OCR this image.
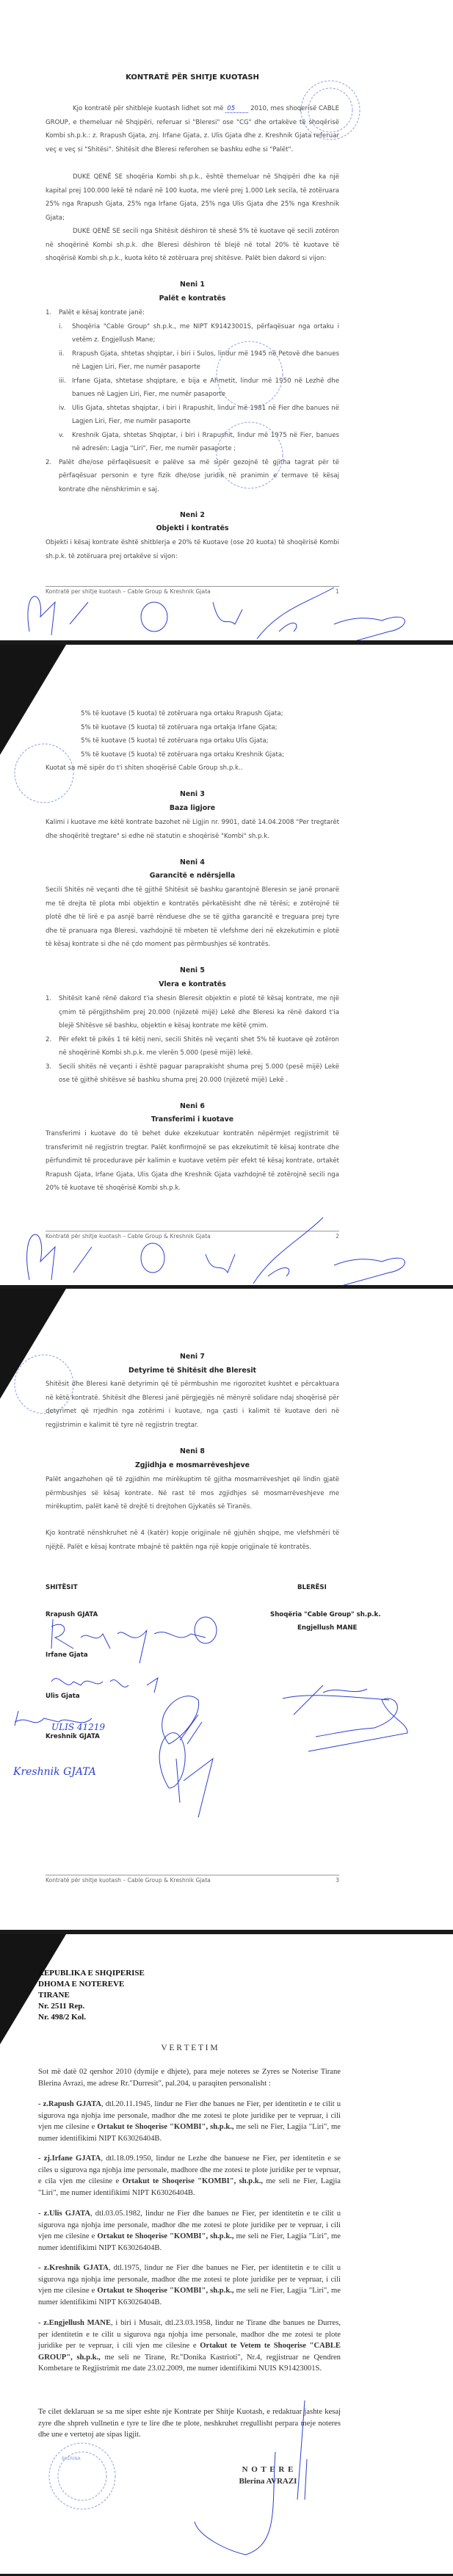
KONTRATË PËR SHITJE KUOTASH
Kjo kontratë për shitbleje kuotash lidhet sot më 05 2010, mes shoqerisë CABLE GROUP, e themeluar në Shqipëri, referuar si "Bleresi" ose "CG" dhe ortakëve të shoqërisë Kombi sh.p.k.: z. Rrapush Gjata, znj. Irfane Gjata, z. Ulis Gjata dhe z. Kreshnik Gjata referuar veç e veç si "Shitësi". Shitësit dhe Bleresi referohen se bashku edhe si "Palët".
DUKE QENË SE shoqëria Kombi sh.p.k., është themeluar në Shqipëri dhe ka një kapital prej 100.000 lekë të ndarë në 100 kuota, me vlerë prej 1.000 Lek secila, të zotëruara 25% nga Rrapush Gjata, 25% nga Irfane Gjata, 25% nga Ulis Gjata dhe 25% nga Kreshnik Gjata;
DUKE QENË SE secili nga Shitësit dëshiron të shesë 5% të kuotave që secili zotëron në shoqërinë Kombi sh.p.k. dhe Bleresi dëshiron të blejë në total 20% të kuotave të shoqërisë Kombi sh.p.k., kuota këto të zotëruara prej shitësve. Palët bien dakord si vijon:
Neni 1
Palët e kontratës
1.	Palët e kësaj kontrate janë:
i.	Shoqëria "Cable Group" sh.p.k., me NIPT K91423001S, përfaqësuar nga ortaku i vetëm z. Engjellush Mane;
ii.	Rrapush Gjata, shtetas shqiptar, i biri i Sulos, lindur më 1945 në Petovë dhe banues në Lagjen Liri, Fier, me numër pasaporte
iii. Irfane Gjata, shtetase shqiptare, e bija e Ahmetit, lindur më 1950 në Lezhë dhe banues në Lagjen Liri, Fier, me numër pasaporte
iv. Ulis Gjata, shtetas shqiptar, i biri i Rrapushit, lindur më 1981 në Fier dhe banues në Lagjen Liri, Fier, me numër pasaporte
v.	Kreshnik Gjata, shtetas Shqiptar, i biri i Rrapushit, lindur më 1975 në Fier, banues në adresën: Lagja "Liri", Fier, me numër pasaporte ;
2.	Palët dhe/ose përfaqësuesit e palëve sa më sipër gezojnë të gjitha tagrat për të përfaqësuar personin e tyre fizik dhe/ose juridik në pranimin e termave të kësaj kontrate dhe nënshkrimin e saj.
Neni 2
Objekti i kontratës
Objekti i kësaj kontrate është shitblerja e 20% të Kuotave (ose 20 kuota) të shoqërisë Kombi sh.p.k. të zotëruara prej ortakëve si vijon:
Kontratë per shitje kuotash – Cable Group & Kreshnik Gjata	1
5% të kuotave (5 kuota) të zotëruara nga ortaku Rrapush Gjata;
5% të kuotave (5 kuota) të zotëruara nga ortakja Irfane Gjata;
5% të kuotave (5 kuota) të zotëruara nga ortaku Ulis Gjata;
5% të kuotave (5 kuota) të zotëruara nga ortaku Kreshnik Gjata;
Kuotat sa më sipër do t'i shiten shoqërisë Cable Group sh.p.k..
Neni 3
Baza ligjore
Kalimi i kuotave me këtë kontrate bazohet në Ligjin nr. 9901, datë 14.04.2008 "Per tregtarët dhe shoqëritë tregtare" si edhe në statutin e shoqërisë "Kombi" sh.p.k.
Neni 4
Garancitë e ndërsjella
Secili Shitës në veçanti dhe të gjithë Shitësit së bashku garantojnë Bleresin se janë pronarë me të drejta të plota mbi objektin e kontratës përkatësisht dhe në tërësi; e zotërojnë të plotë dhe të lirë e pa asnjë barrë rënduese dhe se të gjitha garancitë e treguara prej tyre dhe të pranuara nga Bleresi, vazhdojnë të mbeten të vlefshme deri në ekzekutimin e plotë të kësaj kontrate si dhe në çdo moment pas përmbushjes së kontratës.
Neni 5
Vlera e kontratës
1.	Shitësit kanë rënë dakord t'ia shesin Bleresit objektin e plotë të kësaj kontrate, me një çmim të përgjithshëm prej 20.000 (njëzetë mijë) Lekë dhe Bleresi ka rënë dakord t'ia blejë Shitësve së bashku, objektin e kësaj kontrate me këtë çmim.
2.	Për efekt të pikës 1 të këtij neni, secili Shitës në veçanti shet 5% të kuotave që zotëron në shoqërinë Kombi sh.p.k. me vlerën 5.000 (pesë mijë) lekë.
3.	Secili shitës në veçanti i është paguar paraprakisht shuma prej 5.000 (pesë mijë) Lekë ose të gjithë shitësve së bashku shuma prej 20.000 (njëzetë mijë) Lekë .
Neni 6
Transferimi i kuotave
Transferimi i kuotave do të behet duke ekzekutuar kontratën nëpërmjet regjistrimit të transferimit në regjistrin tregtar. Palët konfirmojnë se pas ekzekutimit të kësaj kontrate dhe përfundimit të procedurave për kalimin e kuotave vetëm për efekt të kësaj kontrate, ortakët Rrapush Gjata, Irfane Gjata, Ulis Gjata dhe Kreshnik Gjata vazhdojnë të zotërojnë secili nga 20% të kuotave të shoqërisë Kombi sh.p.k.
Kontratë për shitje kuotash – Cable Group & Kreshnik Gjata	2
Neni 7
Detyrime të Shitësit dhe Bleresit
Shitësit dhe Bleresi kanë detyrimin që të përmbushin me rigorozitet kushtet e përcaktuara në këtë kontratë. Shitësit dhe Bleresi janë përgjegjës në mënyrë solidare ndaj shoqërisë për detyrimet që rrjedhin nga zotërimi i kuotave, nga çasti i kalimit të kuotave deri në regjistrimin e kalimit të tyre në regjistrin tregtar.
Neni 8
Zgjidhja e mosmarrëveshjeve
Palët angazhohen që të zgjidhin me mirëkuptim të gjitha mosmarrëveshjet që lindin gjatë përmbushjes së kësaj kontrate. Në rast të mos zgjidhjes së mosmarrëveshjeve me mirëkuptim, palët kanë të drejtë ti drejtohen Gjykatës së Tiranës.
Kjo kontratë nënshkruhet në 4 (katër) kopje origjinale në gjuhën shqipe, me vlefshmëri të njëjtë. Palët e kësaj kontrate mbajnë të paktën nga një kopje origjinale të kontratës.
SHITËSIT	BLERËSI
Rrapush GJATA
Irfane Gjata
Ulis Gjata
Kreshnik GJATA
Shoqëria "Cable Group" sh.p.k.
Engjellush MANE
ULIS 41219
Kreshnik GJATA
Kontratë për shitje kuotash – Cable Group & Kreshnik Gjata	3
REPUBLIKA E SHQIPERISE
DHOMA E NOTEREVE
TIRANE
Nr. 2511 Rep.
Nr. 498/2 Kol.
V E R T E T I M
Sot më datë 02 qershor 2010 (dymije e dhjete), para meje noteres se Zyres se Noterise Tirane Blerina Avrazi, me adrese Rr."Durresit", pal.204, u paraqiten personalisht :
- z.Rapush GJATA, dtl.20.11.1945, lindur ne Fier dhe banues ne Fier, per identitetin e te cilit u sigurova nga njohja ime personale, madhor dhe me zotesi te plote juridike per te vepruar, i cili vjen me cilesine e Ortakut te Shoqerise "KOMBI", sh.p.k., me seli ne Fier, Lagjia "Liri", me numer identifikimi NIPT K63026404B.
- zj.Irfane GJATA, dtl.18.09.1950, lindur ne Lezhe dhe banuese ne Fier, per identitetin e se ciles u sigurova nga njohja ime personale, madhore dhe me zotesi te plote juridike per te vepruar, e cila vjen me cilesine e Ortakut te Shoqerise "KOMBI", sh.p.k., me seli ne Fier, Lagjia "Liri", me numer identifikimi NIPT K63026404B.
- z.Ulis GJATA, dtl.03.05.1982, lindur ne Fier dhe banues ne Fier, per identitetin e te cilit u sigurova nga njohja ime personale, madhor dhe me zotesi te plote juridike per te vepruar, i cili vjen me cilesine e Ortakut te Shoqerise "KOMBI", sh.p.k., me seli ne Fier, Lagjia "Liri", me numer identifikimi NIPT K63026404B.
- z.Kreshnik GJATA, dtl.1975, lindur ne Fier dhe banues ne Fier, per identitetin e te cilit u sigurova nga njohja ime personale, madhor dhe me zotesi te plote juridike per te vepruar, i cili vjen me cilesine e Ortakut te Shoqerise "KOMBI", sh.p.k., me seli ne Fier, Lagjia "Liri", me numer identifikimi NIPT K63026404B.
- z.Engjellush MANE, i biri i Musait, dtl.23.03.1958, lindur ne Tirane dhe banues ne Durres, per identitetin e te cilit u sigurova nga njohja ime personale, madhor dhe me zotesi te plote juridike per te vepruar, i cili vjen me cilesine e Ortakut te Vetem te Shoqerise "CABLE GROUP", sh.p.k., me seli ne Tirane, Rr."Donika Kastrioti", Nr.4, regjistruar ne Qendren Kombetare te Regjistrimit me date 23.02.2009, me numer identifikimi NUIS K91423001S.
Te cilet deklaruan se sa me siper eshte nje Kontrate per Shitje Kuotash, e redaktuar jashte kesaj zyre dhe shpreh vullnetin e tyre te lire dhe te plote, neshkruhet rregullisht perpara meje noteres dhe une e vertetoj ate sipas ligjit.
BLERINA
N O T E R E
Blerina AVRAZI
